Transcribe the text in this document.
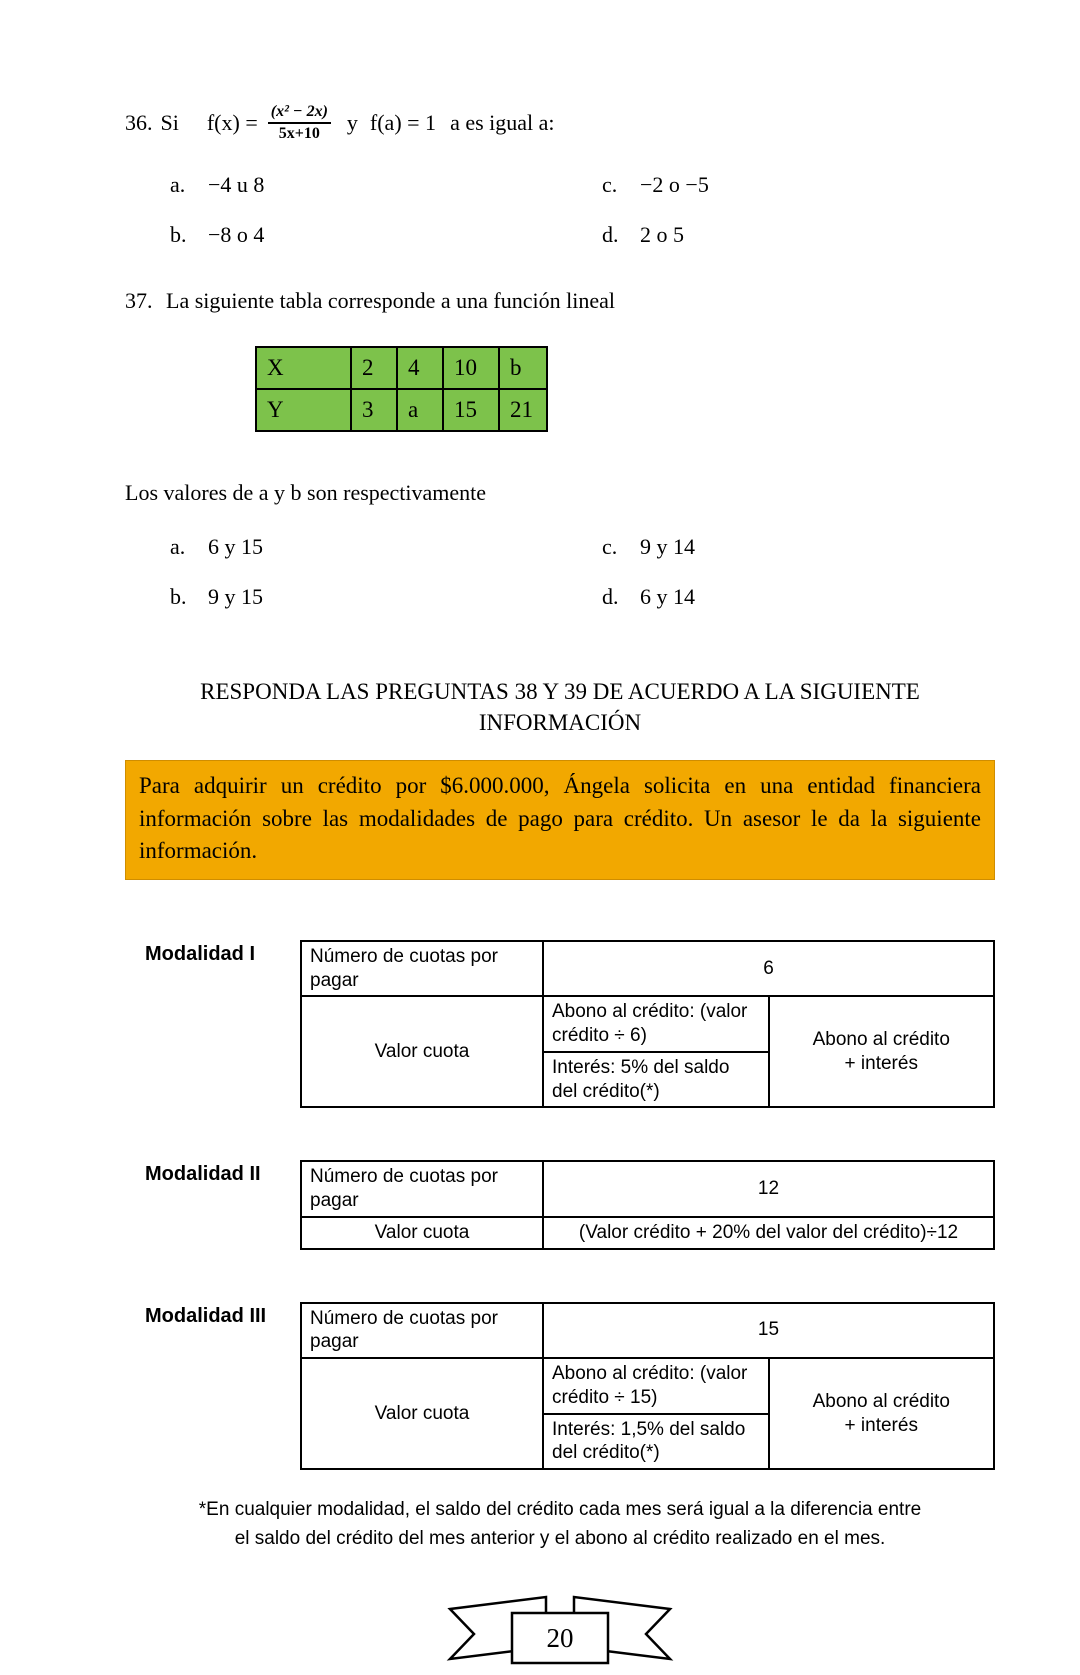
36. Si $f(x) = \frac{\text{(x² − 2x)}}{5x+10}$ y f(a) = 1 a es igual a:
a.	−4 u 8	c.	−2 o −5
b. −8 o 4	d. 2 o 5
37. La siguiente tabla corresponde a una función lineal
X	2	4	10	b
Y	3	a	15	21
Los valores de a y b son respectivamente
a.	6 y 15	c.	9 y 14
b. 9 y 15	d. 6 y 14
RESPONDA LAS PREGUNTAS 38 Y 39 DE ACUERDO A LA SIGUIENTE
INFORMACIÓN
Para adquirir un crédito por $6.000.000, Ángela solicita en una entidad financiera información sobre las modalidades de pago para crédito. Un asesor le da la siguiente información.
Modalidad I	Número de cuotas por pagar	6	
Valor cuota	Abono al crédito: (valor crédito ÷ 6)	Abono al crédito
+ interés
	Interés: 5% del saldo del crédito(*)	
Modalidad II	Número de cuotas por pagar	12
Valor cuota	(Valor crédito + 20% del valor del crédito)÷12
Modalidad III	Número de cuotas por pagar	15	
Valor cuota	Abono al crédito: (valor crédito ÷ 15)	Abono al crédito
+ interés
	Interés: 1,5% del saldo del crédito(*)	
*En cualquier modalidad, el saldo del crédito cada mes será igual a la diferencia entre
el saldo del crédito del mes anterior y el abono al crédito realizado en el mes.
20
